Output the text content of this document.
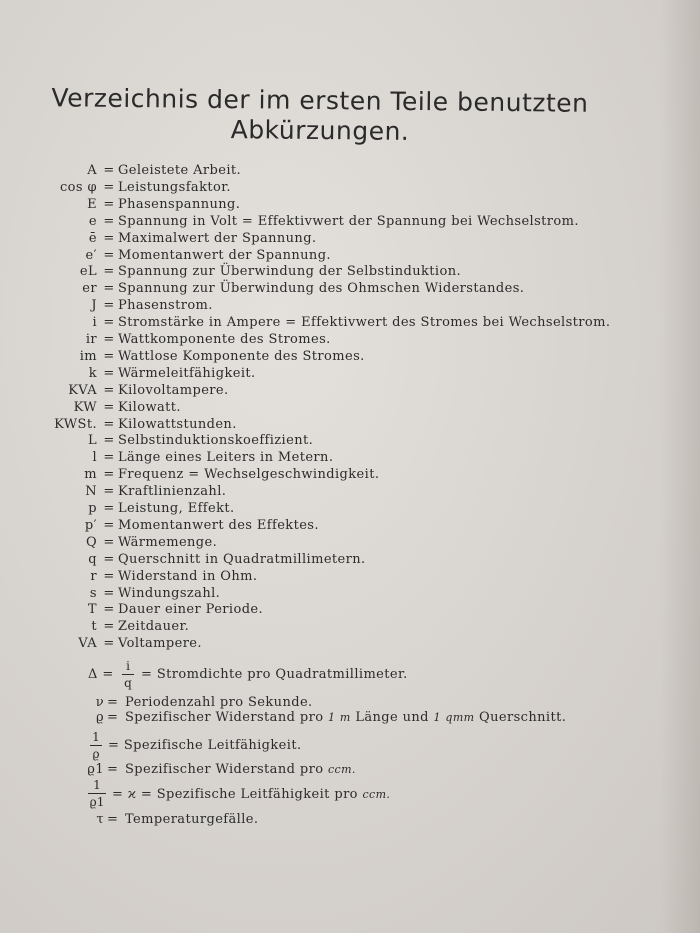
Verzeichnis der im ersten Teile benutzten
Abkürzungen.
A = Geleistete Arbeit.
cos φ = Leistungsfaktor.
E = Phasenspannung.
e = Spannung in Volt = Effektivwert der Spannung bei Wechselstrom.
ē = Maximalwert der Spannung.
e′ = Momentanwert der Spannung.
eL = Spannung zur Überwindung der Selbstinduktion.
er = Spannung zur Überwindung des Ohmschen Widerstandes.
J = Phasenstrom.
i = Stromstärke in Ampere = Effektivwert des Stromes bei Wechselstrom.
ir = Wattkomponente des Stromes.
im = Wattlose Komponente des Stromes.
k = Wärmeleitfähigkeit.
KVA = Kilovoltampere.
KW = Kilowatt.
KWSt. = Kilowattstunden.
L = Selbstinduktionskoeffizient.
l = Länge eines Leiters in Metern.
m = Frequenz = Wechselgeschwindigkeit.
N = Kraftlinienzahl.
p = Leistung, Effekt.
p′ = Momentanwert des Effektes.
Q = Wärmemenge.
q = Querschnitt in Quadratmillimetern.
r = Widerstand in Ohm.
s = Windungszahl.
T = Dauer einer Periode.
t = Zeitdauer.
VA = Voltampere.
Δ =
i
q
= Stromdichte pro Quadratmillimeter.
ν = Periodenzahl pro Sekunde.
ϱ = Spezifischer Widerstand pro 1 m Länge und 1 qmm Querschnitt.
1
ϱ
= Spezifische Leitfähigkeit.
ϱ1 = Spezifischer Widerstand pro ccm.
1
ϱ1 = ϰ = Spezifische Leitfähigkeit pro ccm.
τ = Temperaturgefälle.
